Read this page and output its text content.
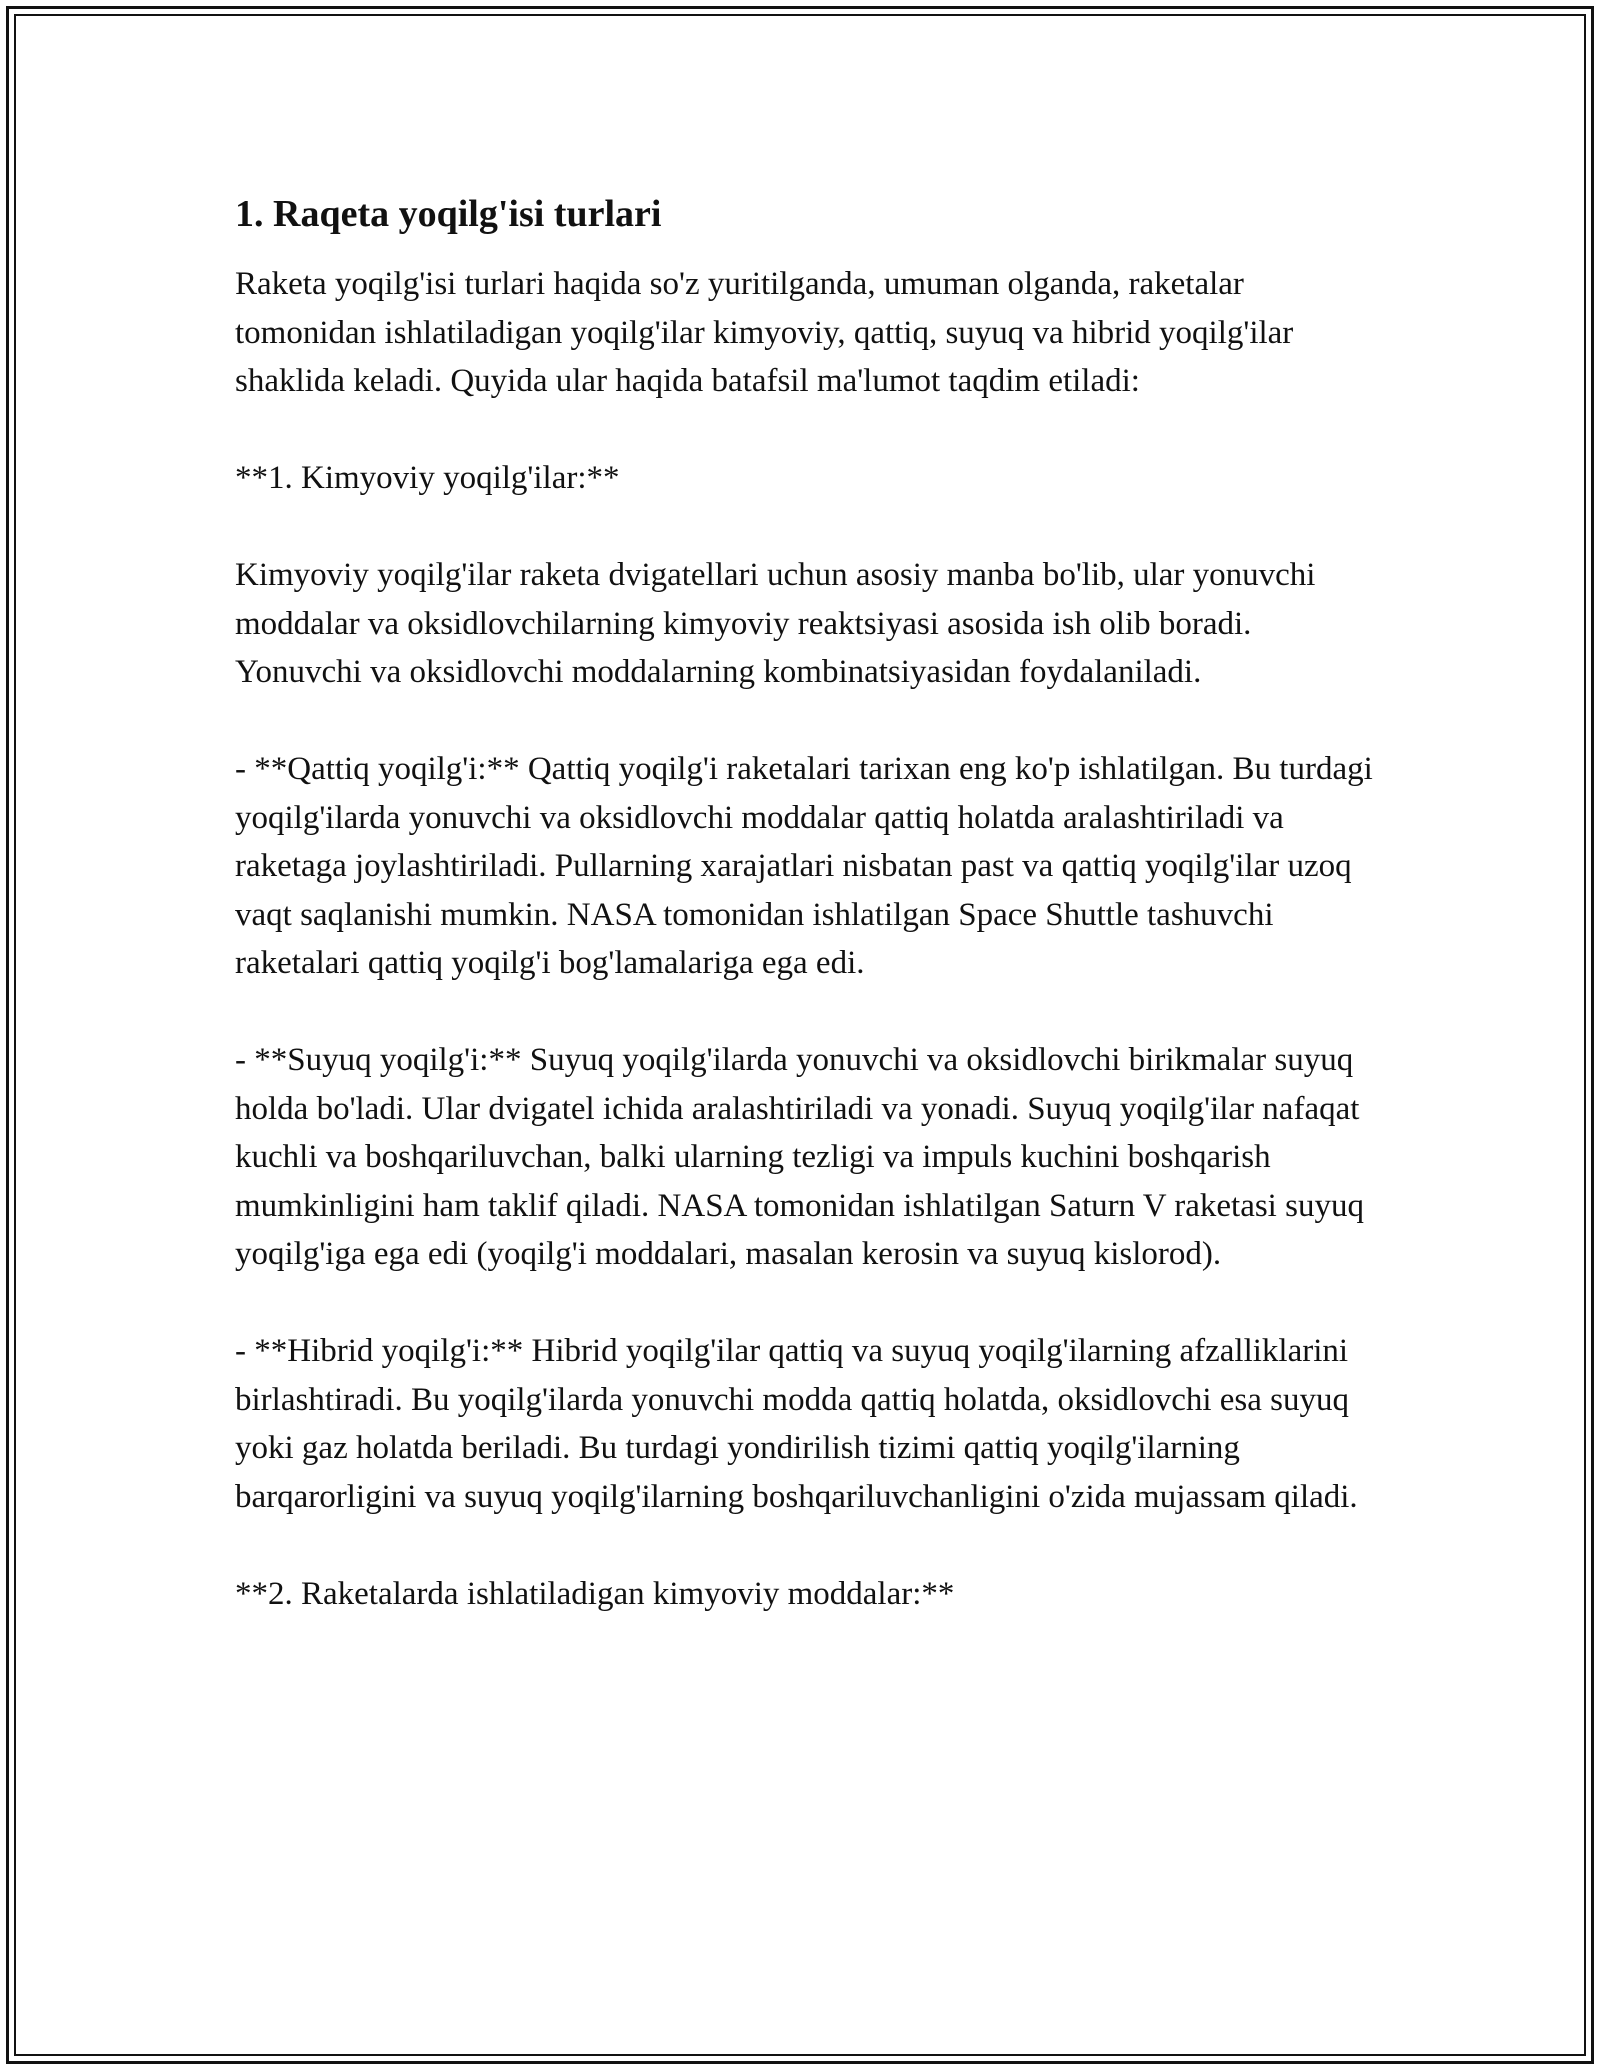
1. Raqeta yoqilg'isi turlari

Raketa yoqilg'isi turlari haqida so'z yuritilganda, umuman olganda, raketalar tomonidan ishlatiladigan yoqilg'ilar kimyoviy, qattiq, suyuq va hibrid yoqilg'ilar shaklida keladi. Quyida ular haqida batafsil ma'lumot taqdim etiladi:

**1. Kimyoviy yoqilg'ilar:**

Kimyoviy yoqilg'ilar raketa dvigatellari uchun asosiy manba bo'lib, ular yonuvchi moddalar va oksidlovchilarning kimyoviy reaktsiyasi asosida ish olib boradi. Yonuvchi va oksidlovchi moddalarning kombinatsiyasidan foydalaniladi.

- **Qattiq yoqilg'i:** Qattiq yoqilg'i raketalari tarixan eng ko'p ishlatilgan. Bu turdagi yoqilg'ilarda yonuvchi va oksidlovchi moddalar qattiq holatda aralashtiriladi va raketaga joylashtiriladi. Pullarning xarajatlari nisbatan past va qattiq yoqilg'ilar uzoq vaqt saqlanishi mumkin. NASA tomonidan ishlatilgan Space Shuttle tashuvchi raketalari qattiq yoqilg'i bog'lamalariga ega edi.

- **Suyuq yoqilg'i:** Suyuq yoqilg'ilarda yonuvchi va oksidlovchi birikmalar suyuq holda bo'ladi. Ular dvigatel ichida aralashtiriladi va yonadi. Suyuq yoqilg'ilar nafaqat kuchli va boshqariluvchan, balki ularning tezligi va impuls kuchini boshqarish mumkinligini ham taklif qiladi. NASA tomonidan ishlatilgan Saturn V raketasi suyuq yoqilg'iga ega edi (yoqilg'i moddalari, masalan kerosin va suyuq kislorod).

- **Hibrid yoqilg'i:** Hibrid yoqilg'ilar qattiq va suyuq yoqilg'ilarning afzalliklarini birlashtiradi. Bu yoqilg'ilarda yonuvchi modda qattiq holatda, oksidlovchi esa suyuq yoki gaz holatda beriladi. Bu turdagi yondirilish tizimi qattiq yoqilg'ilarning barqarorligini va suyuq yoqilg'ilarning boshqariluvchanligini o'zida mujassam qiladi.

**2. Raketalarda ishlatiladigan kimyoviy moddalar:**
